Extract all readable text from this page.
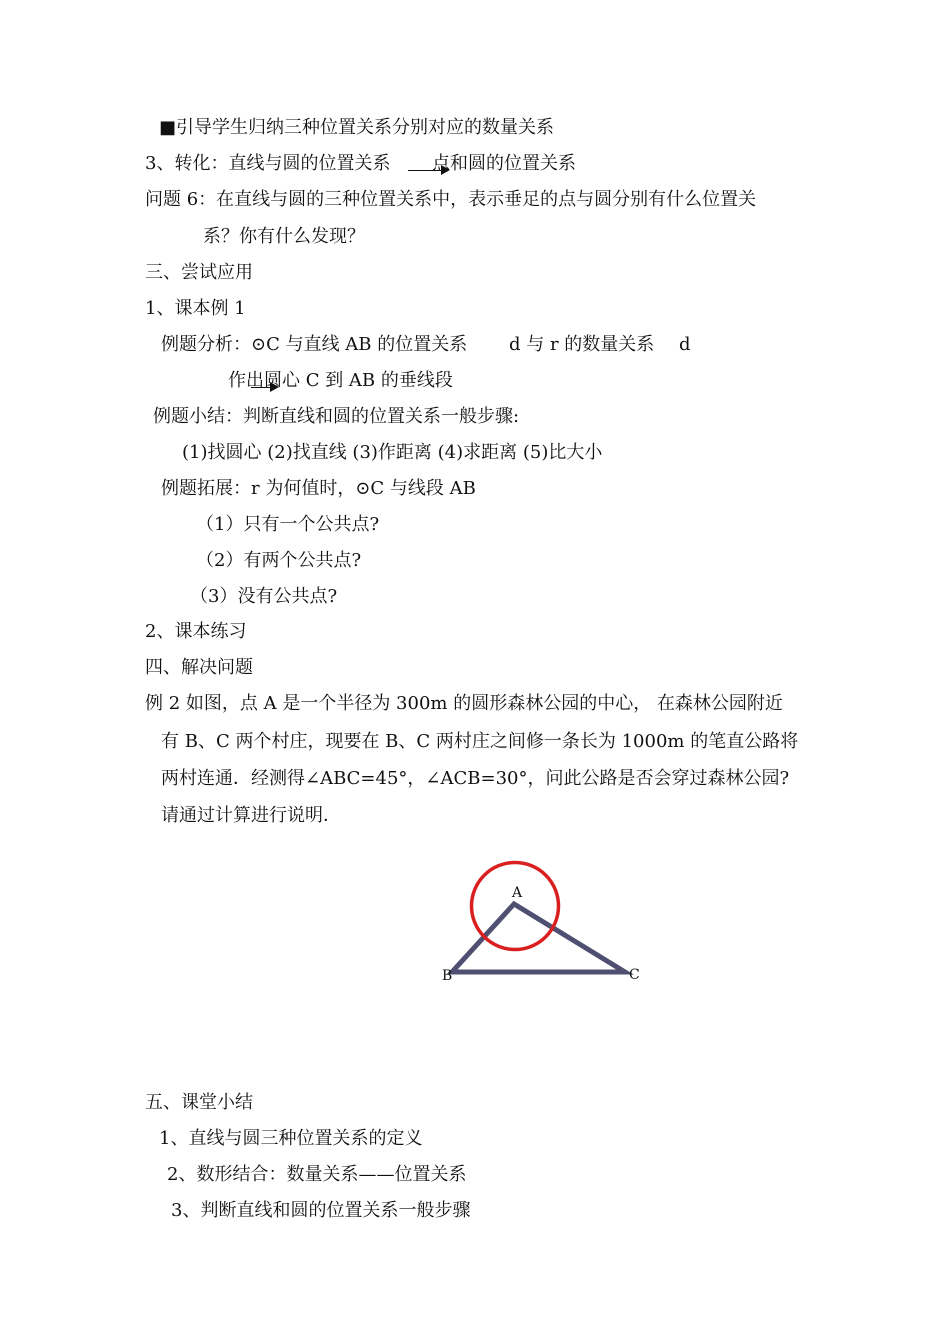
■引导学生归纳三种位置关系分别对应的数量关系
3、转化：直线与圆的位置关系 点和圆的位置关系
问题 6：在直线与圆的三种位置关系中，表示垂足的点与圆分别有什么位置关
系？你有什么发现？
三、尝试应用
1、课本例 1
例题分析：⊙C 与直线 AB 的位置关系 d 与 r 的数量关系 d
作出圆心 C 到 AB 的垂线段
例题小结：判断直线和圆的位置关系一般步骤:
(1)找圆心 (2)找直线 (3)作距离 (4)求距离 (5)比大小
例题拓展：r 为何值时，⊙C 与线段 AB
（1）只有一个公共点?
（2）有两个公共点?
（3）没有公共点?
2、课本练习
四、解决问题
例 2 如图，点 A 是一个半径为 300m 的圆形森林公园的中心， 在森林公园附近
有 B、C 两个村庄，现要在 B、C 两村庄之间修一条长为 1000m 的笔直公路将
两村连通．经测得∠ABC=45°，∠ACB=30°，问此公路是否会穿过森林公园?
请通过计算进行说明．
A
B	C
五、课堂小结
1、直线与圆三种位置关系的定义
2、数形结合：数量关系——位置关系
3、判断直线和圆的位置关系一般步骤
